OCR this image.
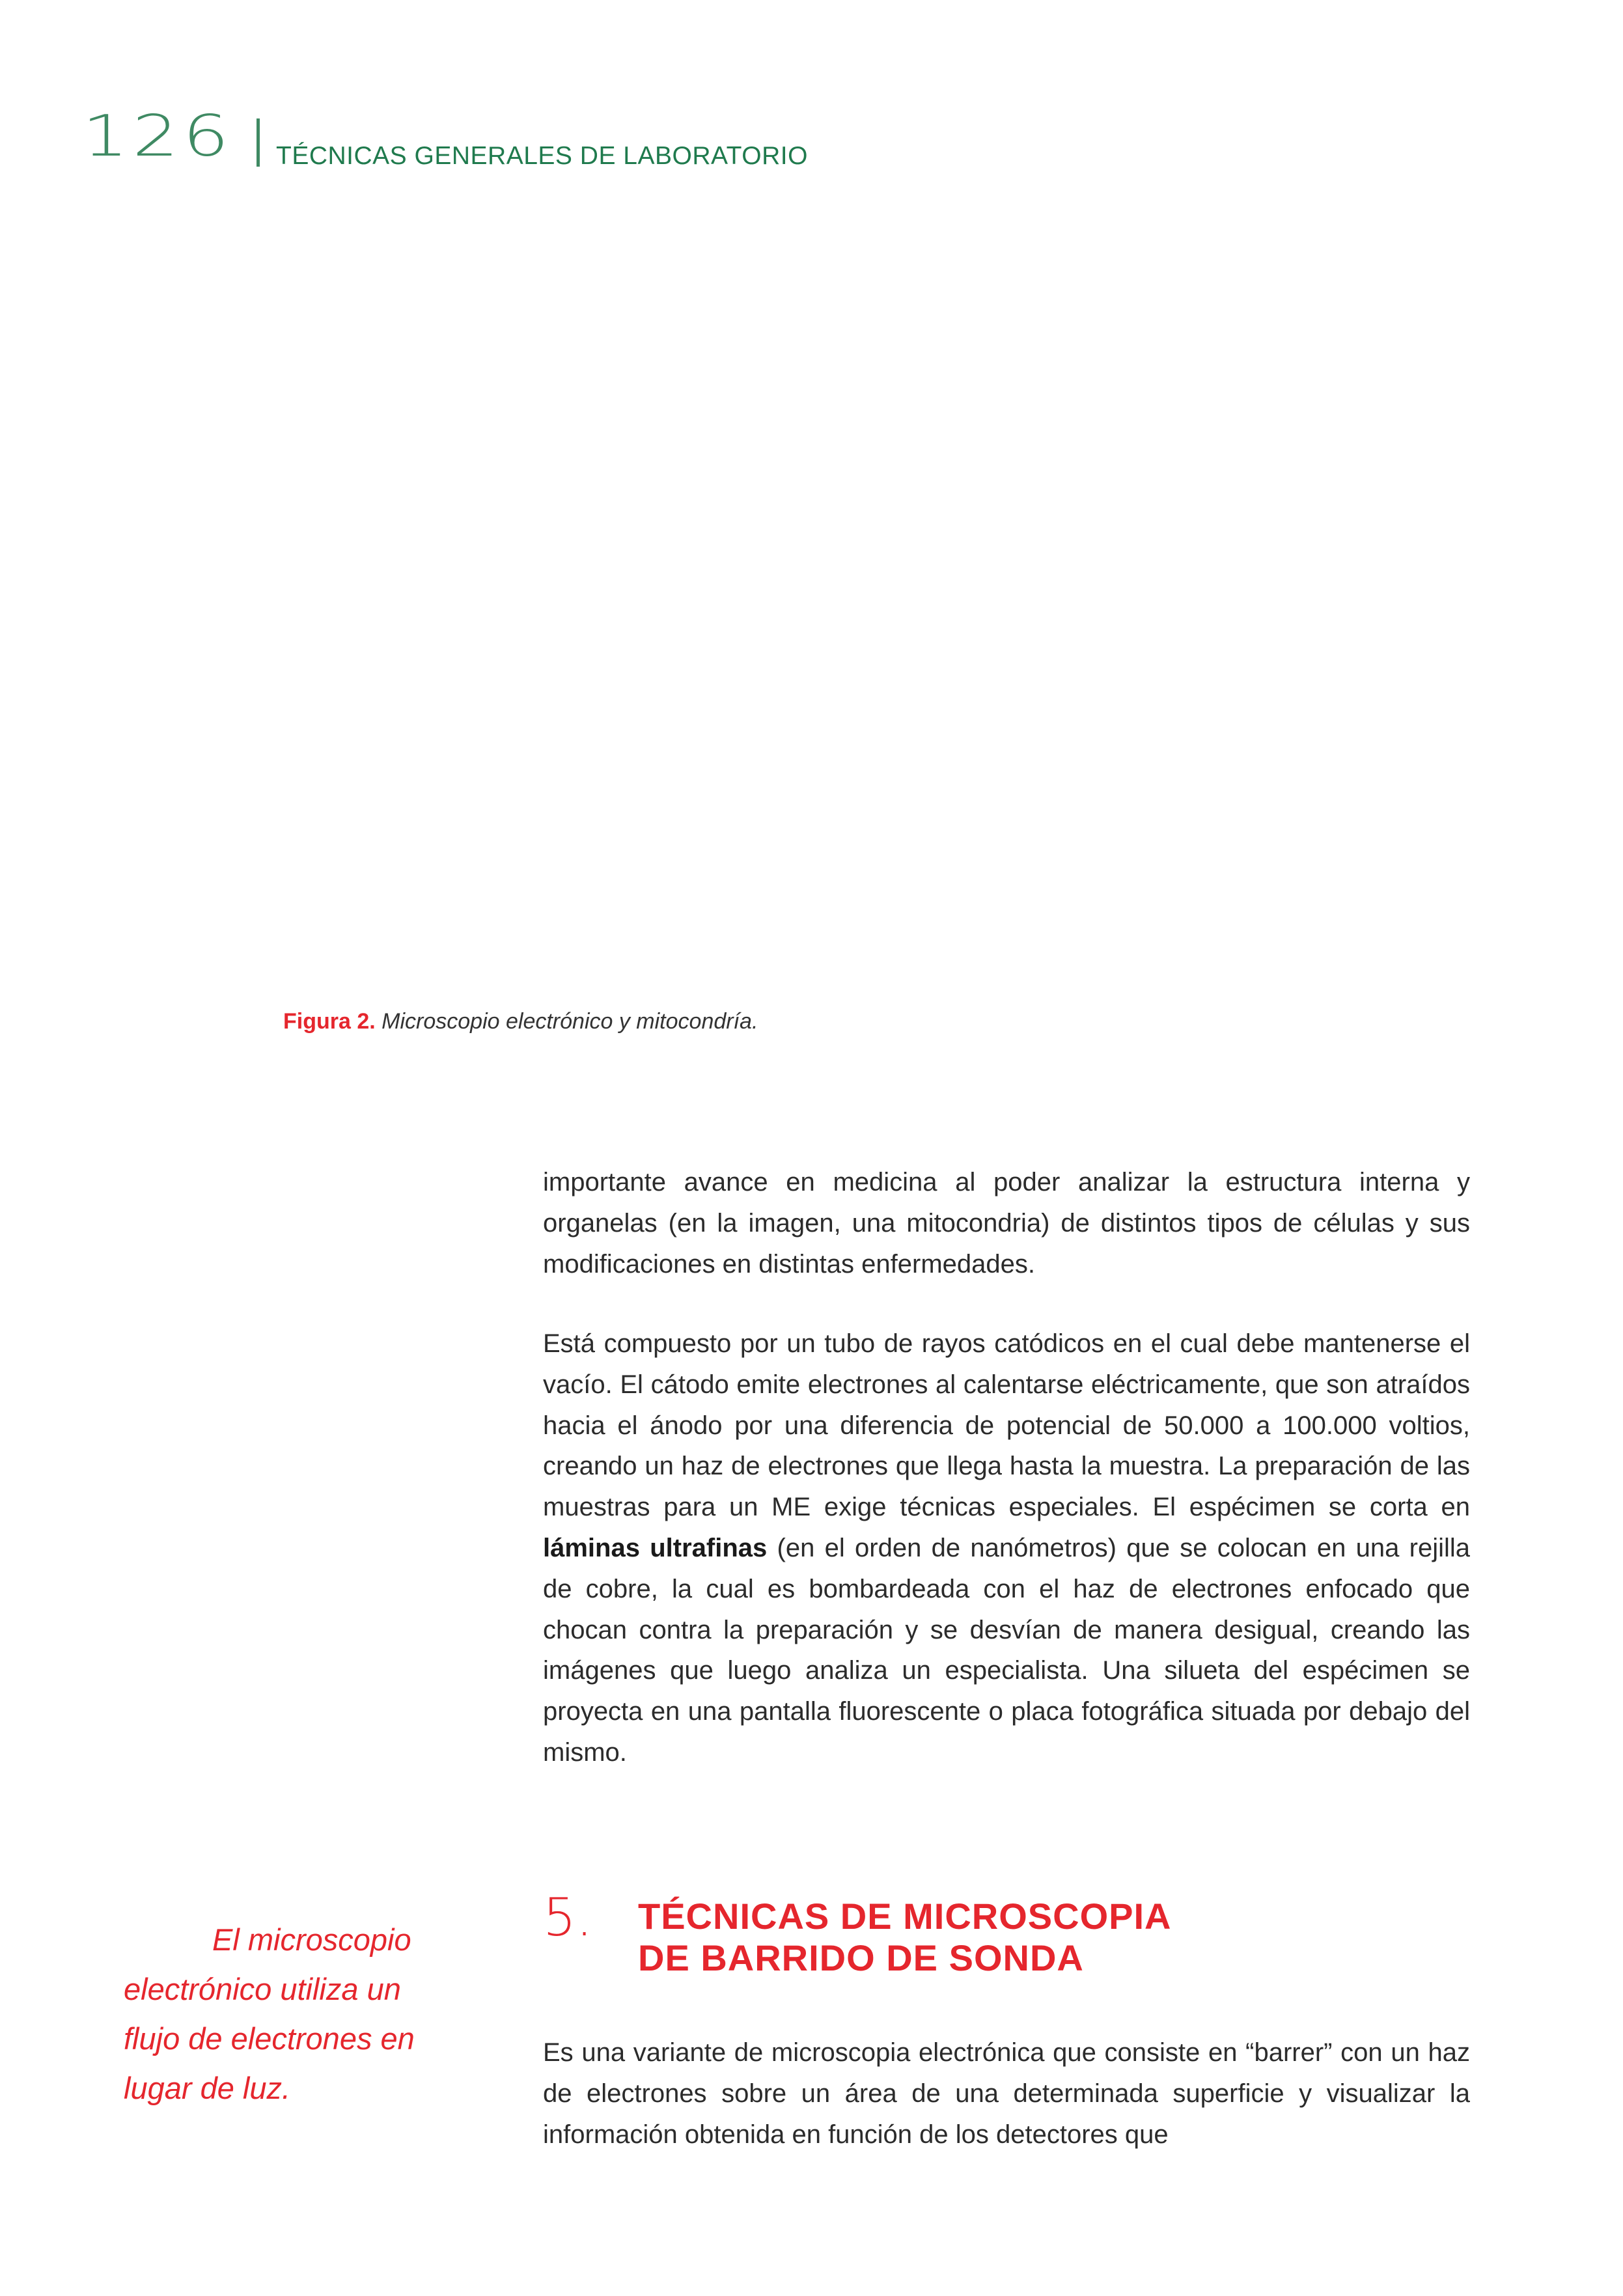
126 TÉCNICAS GENERALES DE LABORATORIO
Figura 2. Microscopio electrónico y mitocondría.

importante avance en medicina al poder analizar la estructura interna y organelas (en la imagen, una mitocondria) de distintos tipos de células y sus modificaciones en distintas enfermedades.

Está compuesto por un tubo de rayos catódicos en el cual debe mantenerse el vacío. El cátodo emite electrones al calentarse eléctricamente, que son atraídos hacia el ánodo por una diferencia de potencial de 50.000 a 100.000 voltios, creando un haz de electrones que llega hasta la muestra. La preparación de las muestras para un ME exige técnicas especiales. El espécimen se corta en láminas ultrafinas (en el orden de nanómetros) que se colocan en una rejilla de cobre, la cual es bombardeada con el haz de electrones enfocado que chocan contra la preparación y se desvían de manera desigual, creando las imágenes que luego analiza un especialista. Una silueta del espécimen se proyecta en una pantalla fluorescente o placa fotográfica situada por debajo del mismo.

5. TÉCNICAS DE MICROSCOPIA
DE BARRIDO DE SONDA
El microscopio
electrónico utiliza un
flujo de electrones en
lugar de luz.

Es una variante de microscopia electrónica que consiste en “barrer” con un haz de electrones sobre un área de una determinada superficie y visualizar la información obtenida en función de los detectores que
